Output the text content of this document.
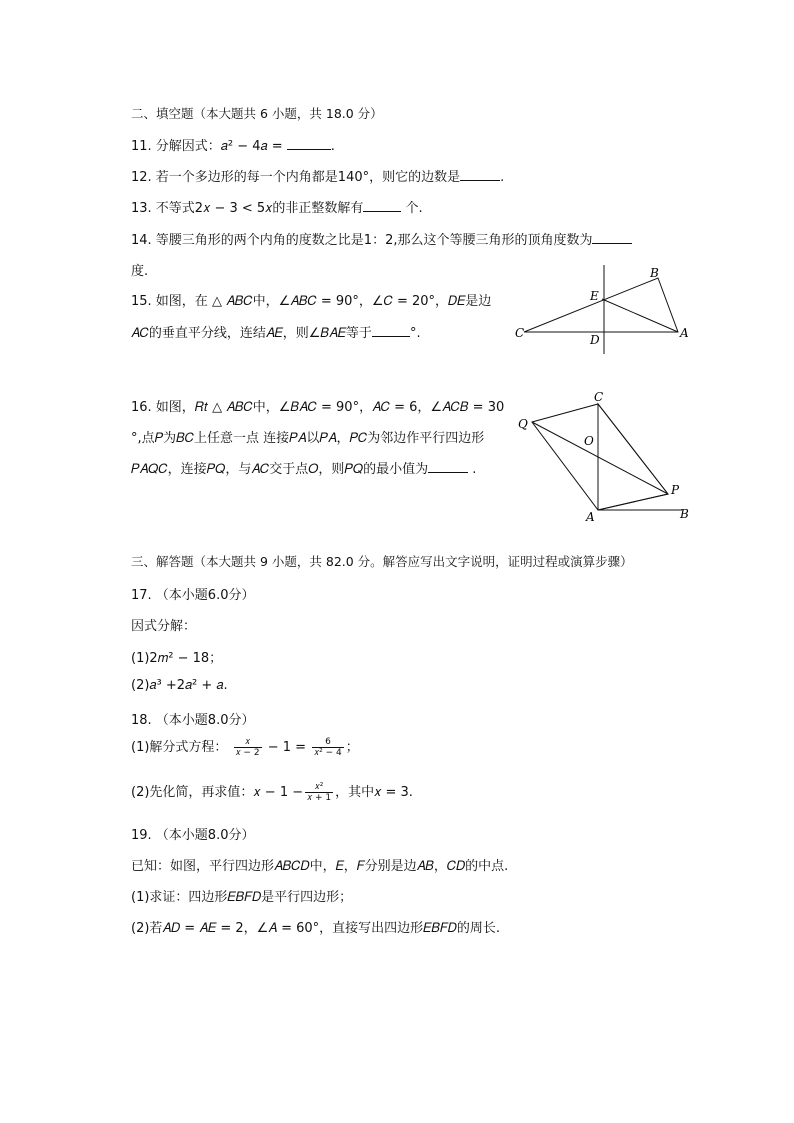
二、填空题（本大题共 6 小题，共 18.0 分）
11. 分解因式：𝑎² − 4𝑎 =	.
12. 若一个多边形的每一个内角都是140°，则它的边数是	.
13. 不等式2𝑥 − 3 < 5𝑥的非正整数解有	个.
14. 等腰三角形的两个内角的度数之比是1：2,那么这个等腰三角形的顶角度数为
度.
15. 如图，在 △ 𝐴𝐵𝐶中，∠𝐴𝐵𝐶 = 90°，∠𝐶 = 20°，𝐷𝐸是边
𝐴𝐶的垂直平分线，连结𝐴𝐸，则∠𝐵𝐴𝐸等于	°.
B
E
C	D	A
16. 如图，𝑅𝑡 △ 𝐴𝐵𝐶中，∠𝐵𝐴𝐶 = 90°，𝐴𝐶 = 6，∠𝐴𝐶𝐵 = 30
°,点𝑃为𝐵𝐶上任意一点 连接𝑃𝐴以𝑃𝐴，𝑃𝐶为邻边作平行四边形
𝑃𝐴𝑄𝐶，连接𝑃𝑄，与𝐴𝐶交于点𝑂，则𝑃𝑄的最小值为	.
C
Q
O
P
A	B
三、解答题（本大题共 9 小题，共 82.0 分。解答应写出文字说明，证明过程或演算步骤）
17. （本小题6.0分）
因式分解：
(1)2𝑚² − 18；
(2)𝑎³ +2𝑎² + 𝑎.
18. （本小题8.0分）
(1)解分式方程： $\frac{\text{𝑥}}{\text{𝑥 − 2}} - 1 = \frac{6}{\text{𝑥² − 4}}$ ；
(2)先化简，再求值：𝑥 − $1 - \frac{\text{𝑥²}}{\text{𝑥 + 1}}$ ，其中𝑥 = 3.
19. （本小题8.0分）
已知：如图，平行四边形𝐴𝐵𝐶𝐷中，𝐸，𝐹分别是边𝐴𝐵，𝐶𝐷的中点.
(1)求证：四边形𝐸𝐵𝐹𝐷是平行四边形；
(2)若𝐴𝐷 = 𝐴𝐸 = 2，∠𝐴 = 60°，直接写出四边形𝐸𝐵𝐹𝐷的周长.
